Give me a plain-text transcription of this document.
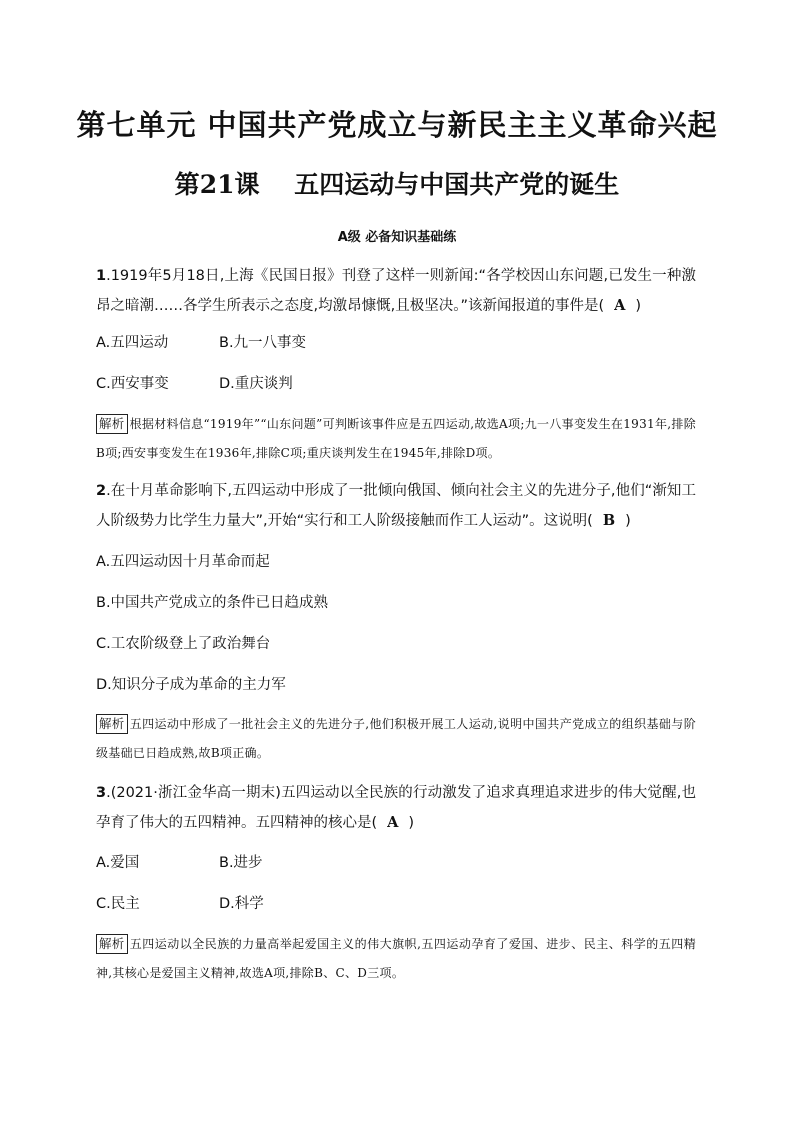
第七单元 中国共产党成立与新民主主义革命兴起
第21课    五四运动与中国共产党的诞生
A级 必备知识基础练
1.1919年5月18日,上海《民国日报》刊登了这样一则新闻:“各学校因山东问题,已发生一种激昂之暗潮……各学生所表示之态度,均激昂慷慨,且极坚决。”该新闻报道的事件是( A )
A.五四运动	B.九一八事变
C.西安事变	D.重庆谈判
解析 根据材料信息“1919年”“山东问题”可判断该事件应是五四运动,故选A项;九一八事变发生在1931年,排除B项;西安事变发生在1936年,排除C项;重庆谈判发生在1945年,排除D项。
2.在十月革命影响下,五四运动中形成了一批倾向俄国、倾向社会主义的先进分子,他们“渐知工人阶级势力比学生力量大”,开始“实行和工人阶级接触而作工人运动”。这说明( B )
A.五四运动因十月革命而起
B.中国共产党成立的条件已日趋成熟
C.工农阶级登上了政治舞台
D.知识分子成为革命的主力军
解析 五四运动中形成了一批社会主义的先进分子,他们积极开展工人运动,说明中国共产党成立的组织基础与阶级基础已日趋成熟,故B项正确。
3.(2021·浙江金华高一期末)五四运动以全民族的行动激发了追求真理追求进步的伟大觉醒,也孕育了伟大的五四精神。五四精神的核心是( A )
A.爱国	B.进步
C.民主	D.科学
解析 五四运动以全民族的力量高举起爱国主义的伟大旗帜,五四运动孕育了爱国、进步、民主、科学的五四精神,其核心是爱国主义精神,故选A项,排除B、C、D三项。
